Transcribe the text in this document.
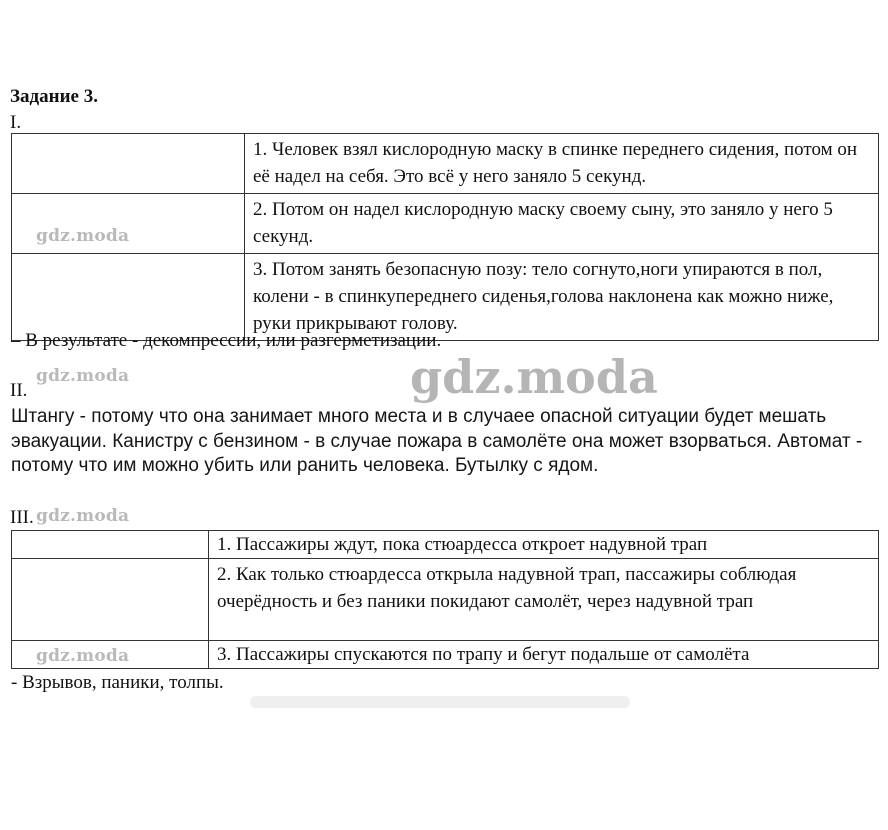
Задание 3.
I.
	1. Человек взял кислородную маску в спинке переднего сидения, потом он её надел на себя. Это всё у него заняло 5 секунд.
	2. Потом он надел кислородную маску своему сыну, это заняло у него 5 секунд.
	3. Потом занять безопасную позу: тело согнуто,ноги упираются в пол, колени - в спинкупереднего сиденья,голова наклонена как можно ниже, руки прикрывают голову.
– В результате - декомпрессии, или разгерметизации.
II.
Штангу - потому что она занимает много места и в случаее опасной ситуации будет мешать эвакуации. Канистру с бензином - в случае пожара в самолёте она может взорваться. Автомат - потому что им можно убить или ранить человека. Бутылку с ядом.
III.
	1. Пассажиры ждут, пока стюардесса откроет надувной трап
	2. Как только стюардесса открыла надувной трап, пассажиры соблюдая очерёдность и без паники покидают самолёт, через надувной трап
	3. Пассажиры спускаются по трапу и бегут подальше от самолёта
- Взрывов, паники, толпы.
gdz.moda
gdz.moda
gdz.moda
gdz.moda
gdz.moda
